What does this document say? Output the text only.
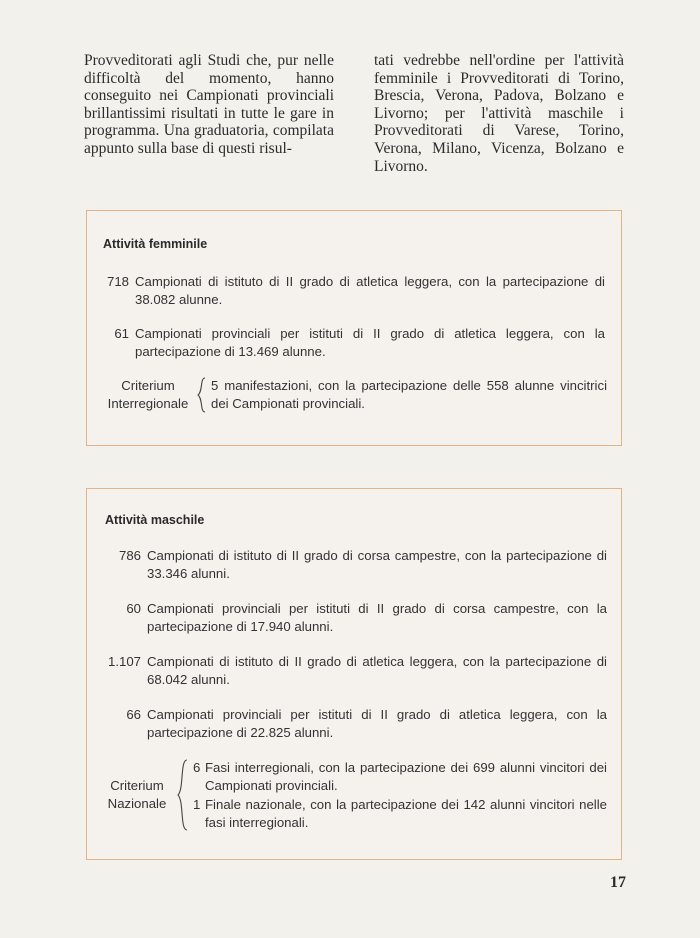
Provveditorati agli Studi che, pur nelle difficoltà del momento, hanno conseguito nei Campionati provinciali brillantissimi risultati in tutte le gare in programma. Una graduatoria, compilata appunto sulla base di questi risul-

tati vedrebbe nell'ordine per l'attività femminile i Provveditorati di Torino, Brescia, Verona, Padova, Bolzano e Livorno; per l'attività maschile i Provveditorati di Varese, Torino, Verona, Milano, Vicenza, Bolzano e Livorno.

Attività femminile
718 Campionati di istituto di II grado di atletica leggera, con la partecipazione di 38.082 alunne.
61 Campionati provinciali per istituti di II grado di atletica leggera, con la partecipazione di 13.469 alunne.
Criterium
Interregionale
5 manifestazioni, con la partecipazione delle 558 alunne vincitrici dei Campionati provinciali.
Attività maschile
786 Campionati di istituto di II grado di corsa campestre, con la partecipazione di 33.346 alunni.
60 Campionati provinciali per istituti di II grado di corsa campestre, con la partecipazione di 17.940 alunni.
1.107 Campionati di istituto di II grado di atletica leggera, con la partecipazione di 68.042 alunni.
66 Campionati provinciali per istituti di II grado di atletica leggera, con la partecipazione di 22.825 alunni.
Criterium
Nazionale
6 Fasi interregionali, con la partecipazione dei 699 alunni vincitori dei Campionati provinciali.
1 Finale nazionale, con la partecipazione dei 142 alunni vincitori nelle fasi interregionali.
17
